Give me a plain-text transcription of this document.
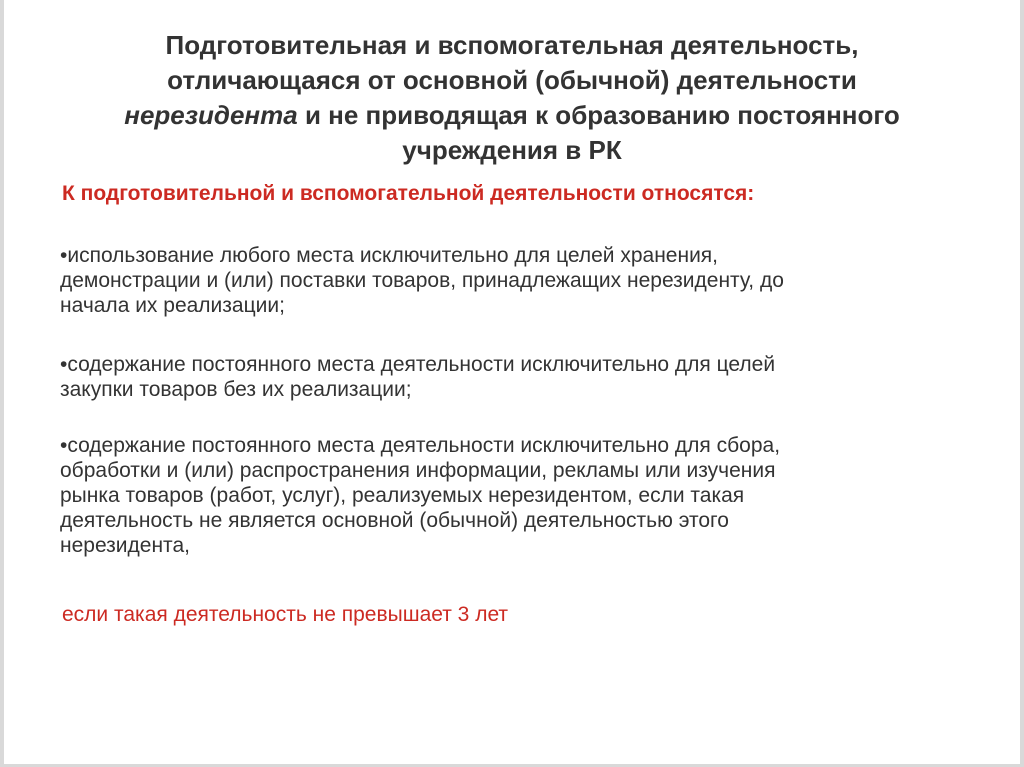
Подготовительная и вспомогательная деятельность,
отличающаяся от основной (обычной) деятельности
нерезидента и не приводящая к образованию постоянного
учреждения в РК
К подготовительной и вспомогательной деятельности относятся:
•использование любого места исключительно для целей хранения,
демонстрации и (или) поставки товаров, принадлежащих нерезиденту, до
начала их реализации;
•содержание постоянного места деятельности исключительно для целей
закупки товаров без их реализации;
•содержание постоянного места деятельности исключительно для сбора,
обработки и (или) распространения информации, рекламы или изучения
рынка товаров (работ, услуг), реализуемых нерезидентом, если такая
деятельность не является основной (обычной) деятельностью этого
нерезидента,
если такая деятельность не превышает 3 лет
